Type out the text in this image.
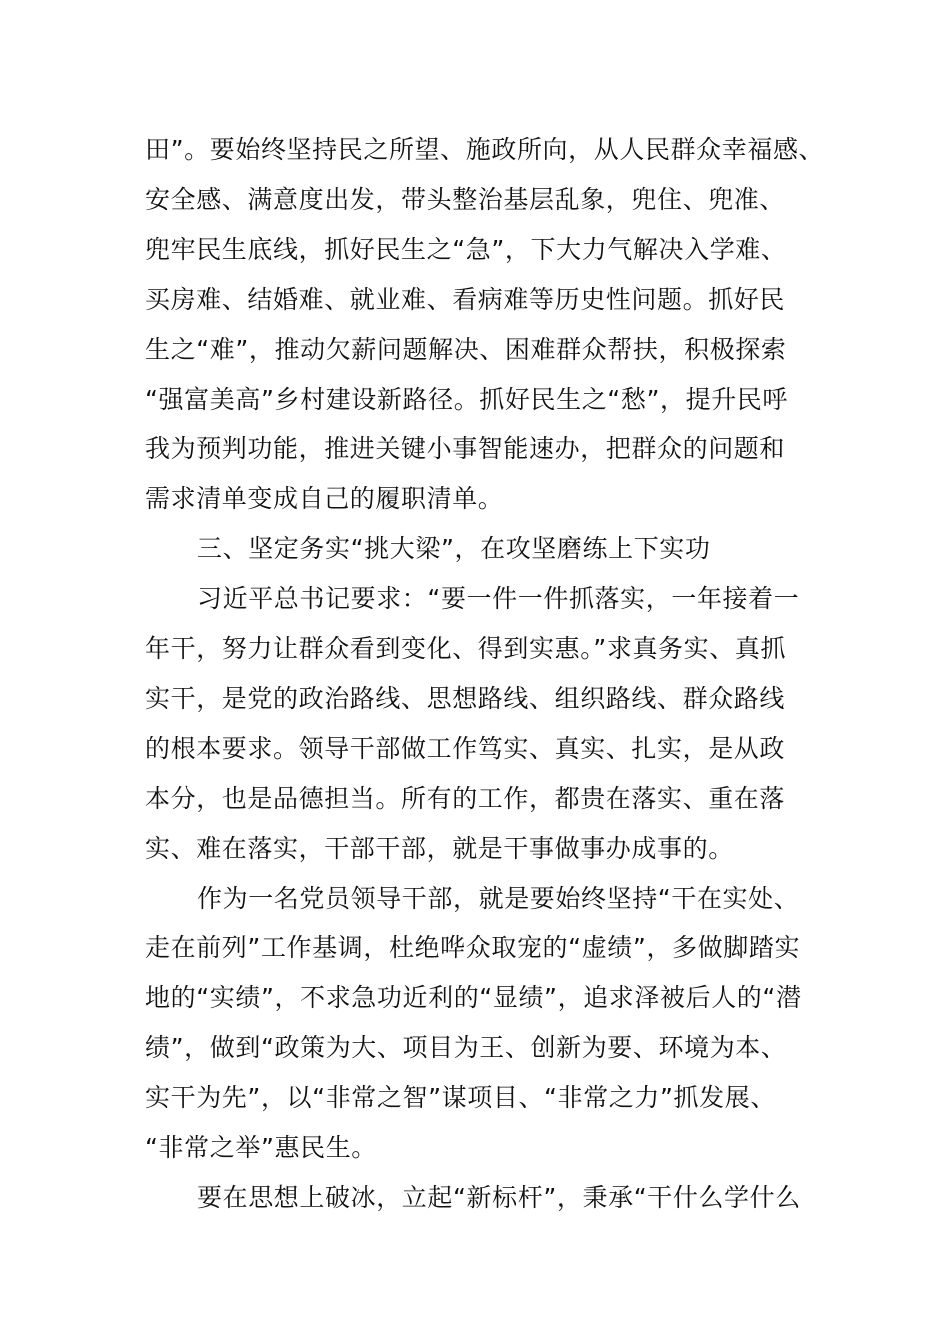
田”。要始终坚持民之所望、施政所向，从人民群众幸福感、
安全感、满意度出发，带头整治基层乱象，兜住、兜准、
兜牢民生底线，抓好民生之“急”，下大力气解决入学难、
买房难、结婚难、就业难、看病难等历史性问题。抓好民
生之“难”，推动欠薪问题解决、困难群众帮扶，积极探索
“强富美高”乡村建设新路径。抓好民生之“愁”，提升民呼
我为预判功能，推进关键小事智能速办，把群众的问题和
需求清单变成自己的履职清单。
三、坚定务实“挑大梁”，在攻坚磨练上下实功
习近平总书记要求：“要一件一件抓落实，一年接着一
年干，努力让群众看到变化、得到实惠。”求真务实、真抓
实干，是党的政治路线、思想路线、组织路线、群众路线
的根本要求。领导干部做工作笃实、真实、扎实，是从政
本分，也是品德担当。所有的工作，都贵在落实、重在落
实、难在落实，干部干部，就是干事做事办成事的。
作为一名党员领导干部，就是要始终坚持“干在实处、
走在前列”工作基调，杜绝哗众取宠的“虚绩”，多做脚踏实
地的“实绩”，不求急功近利的“显绩”，追求泽被后人的“潜
绩”，做到“政策为大、项目为王、创新为要、环境为本、
实干为先”，以“非常之智”谋项目、“非常之力”抓发展、
“非常之举”惠民生。
要在思想上破冰，立起“新标杆”，秉承“干什么学什么
